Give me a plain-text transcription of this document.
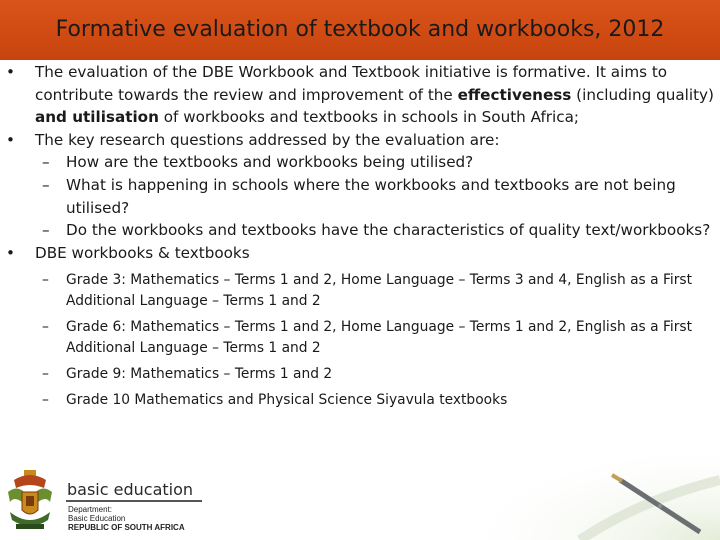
Formative evaluation of textbook and workbooks, 2012
• The evaluation of the DBE Workbook and Textbook initiative is formative. It aims to contribute towards the review and improvement of the effectiveness (including quality) and utilisation of workbooks and textbooks in schools in South Africa;
• The key research questions addressed by the evaluation are:
– How are the textbooks and workbooks being utilised?
– What is happening in schools where the workbooks and textbooks are not being utilised?
– Do the workbooks and textbooks have the characteristics of quality text/workbooks?
• DBE workbooks & textbooks
– Grade 3: Mathematics – Terms 1 and 2, Home Language – Terms 3 and 4, English as a First Additional Language – Terms 1 and 2
– Grade 6: Mathematics – Terms 1 and 2, Home Language – Terms 1 and 2, English as a First Additional Language – Terms 1 and 2
– Grade 9: Mathematics – Terms 1 and 2
– Grade 10 Mathematics and Physical Science Siyavula textbooks
basic education
Department:
Basic Education
REPUBLIC OF SOUTH AFRICA
